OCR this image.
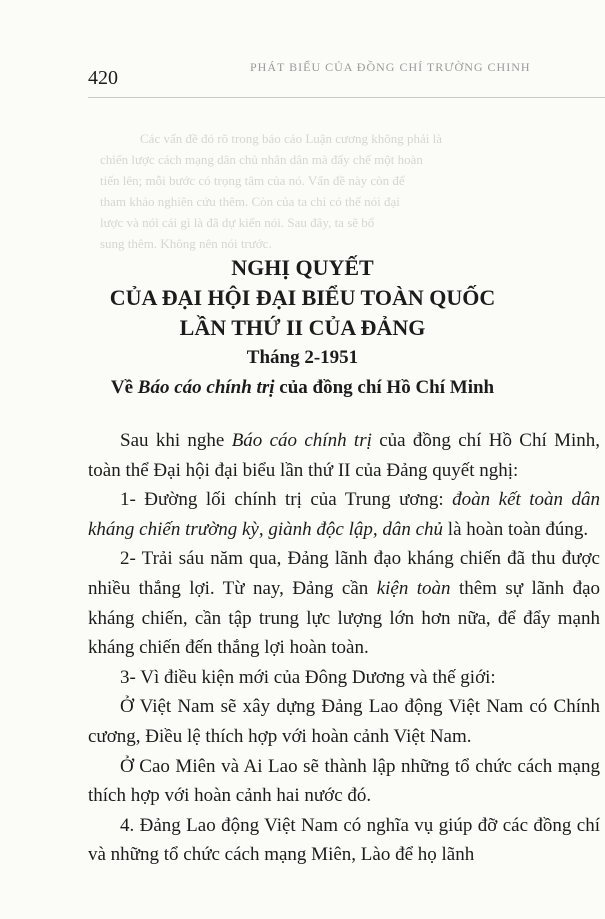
Các vấn đề đó rõ trong báo cáo Luận cương không phải là
chiến lược cách mạng dân chủ nhân dân mà đẩy chế một hoàn
tiến lên; mỗi bước có trọng tâm của nó. Vấn đề này còn để
tham khảo nghiên cứu thêm. Còn của ta chỉ có thể nói đại
lược và nói cái gì là đã dự kiến nói. Sau đây, ta sẽ bổ
sung thêm. Không nên nói trước.
PHÁT BIỂU CỦA ĐỒNG CHÍ TRƯỜNG CHINH
420
NGHỊ QUYẾT
CỦA ĐẠI HỘI ĐẠI BIỂU TOÀN QUỐC
LẦN THỨ II CỦA ĐẢNG
Tháng 2-1951
Về Báo cáo chính trị của đồng chí Hồ Chí Minh

Sau khi nghe Báo cáo chính trị của đồng chí Hồ Chí Minh, toàn thể Đại hội đại biểu lần thứ II của Đảng quyết nghị:

1- Đường lối chính trị của Trung ương: đoàn kết toàn dân kháng chiến trường kỳ, giành độc lập, dân chủ là hoàn toàn đúng.

2- Trải sáu năm qua, Đảng lãnh đạo kháng chiến đã thu được nhiều thắng lợi. Từ nay, Đảng cần kiện toàn thêm sự lãnh đạo kháng chiến, cần tập trung lực lượng lớn hơn nữa, để đẩy mạnh kháng chiến đến thắng lợi hoàn toàn.

3- Vì điều kiện mới của Đông Dương và thế giới:

Ở Việt Nam sẽ xây dựng Đảng Lao động Việt Nam có Chính cương, Điều lệ thích hợp với hoàn cảnh Việt Nam.

Ở Cao Miên và Ai Lao sẽ thành lập những tổ chức cách mạng thích hợp với hoàn cảnh hai nước đó.

4. Đảng Lao động Việt Nam có nghĩa vụ giúp đỡ các đồng chí và những tổ chức cách mạng Miên, Lào để họ lãnh
